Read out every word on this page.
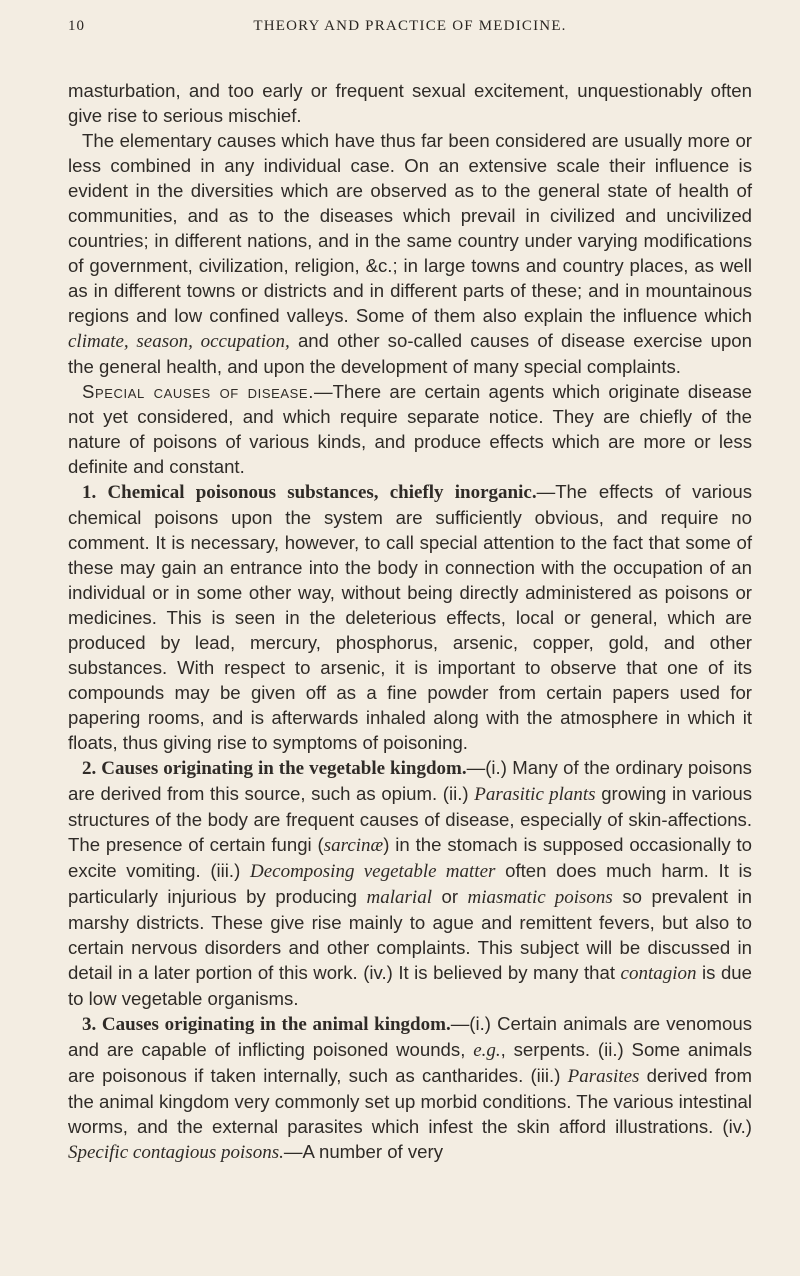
10	THEORY AND PRACTICE OF MEDICINE.

masturbation, and too early or frequent sexual excitement, unquestionably often give rise to serious mischief.

The elementary causes which have thus far been considered are usually more or less combined in any individual case. On an extensive scale their influence is evident in the diversities which are observed as to the general state of health of communities, and as to the diseases which prevail in civilized and uncivilized countries; in different nations, and in the same country under varying modifications of government, civilization, religion, &c.; in large towns and country places, as well as in different towns or districts and in different parts of these; and in mountainous regions and low confined valleys. Some of them also explain the influence which climate, season, occupation, and other so-called causes of disease exercise upon the general health, and upon the development of many special complaints.

Special causes of disease.—There are certain agents which originate disease not yet considered, and which require separate notice. They are chiefly of the nature of poisons of various kinds, and produce effects which are more or less definite and constant.

1. Chemical poisonous substances, chiefly inorganic.—The effects of various chemical poisons upon the system are sufficiently obvious, and require no comment. It is necessary, however, to call special attention to the fact that some of these may gain an entrance into the body in connection with the occupation of an individual or in some other way, without being directly administered as poisons or medicines. This is seen in the deleterious effects, local or general, which are produced by lead, mercury, phosphorus, arsenic, copper, gold, and other substances. With respect to arsenic, it is important to observe that one of its compounds may be given off as a fine powder from certain papers used for papering rooms, and is afterwards inhaled along with the atmosphere in which it floats, thus giving rise to symptoms of poisoning.

2. Causes originating in the vegetable kingdom.—(i.) Many of the ordinary poisons are derived from this source, such as opium. (ii.) Parasitic plants growing in various structures of the body are frequent causes of disease, especially of skin-affections. The presence of certain fungi (sarcinæ) in the stomach is supposed occasionally to excite vomiting. (iii.) Decomposing vegetable matter often does much harm. It is particularly injurious by producing malarial or miasmatic poisons so prevalent in marshy districts. These give rise mainly to ague and remittent fevers, but also to certain nervous disorders and other complaints. This subject will be discussed in detail in a later portion of this work. (iv.) It is believed by many that contagion is due to low vegetable organisms.

3. Causes originating in the animal kingdom.—(i.) Certain animals are venomous and are capable of inflicting poisoned wounds, e.g., serpents. (ii.) Some animals are poisonous if taken internally, such as cantharides. (iii.) Parasites derived from the animal kingdom very commonly set up morbid conditions. The various intestinal worms, and the external parasites which infest the skin afford illustrations. (iv.) Specific contagious poisons.—A number of very
